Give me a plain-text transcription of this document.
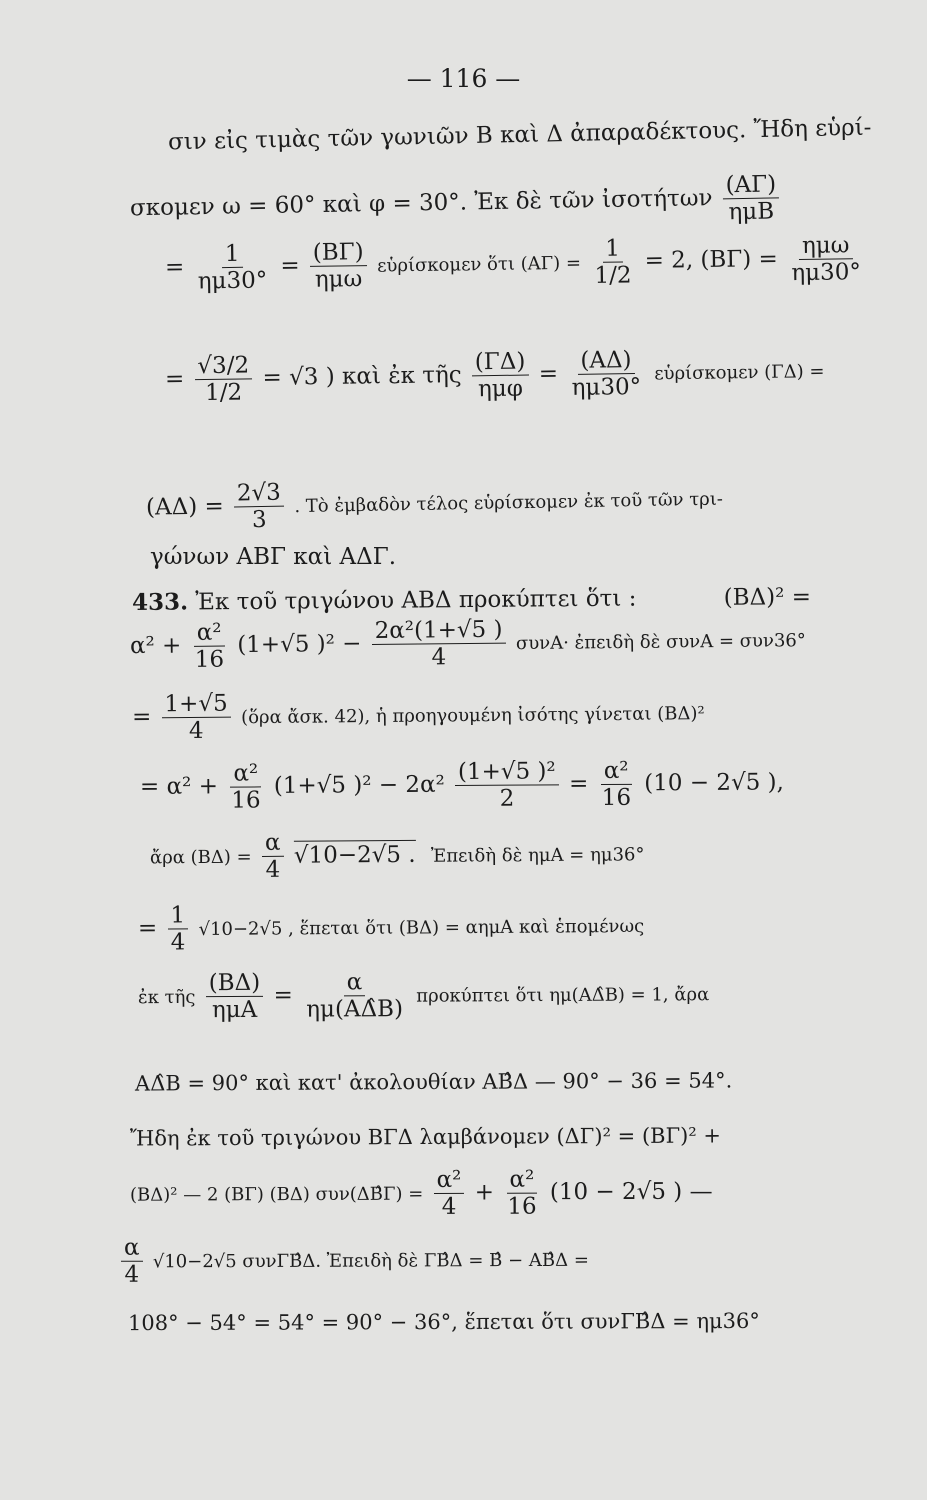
— 116 —
σιν εἰς τιμὰς τῶν γωνιῶν Β καὶ Δ ἀπαραδέκτους. Ἤδη εὑρί-
σκομεν ω = 60° καὶ φ = 30°. Ἐκ δὲ τῶν ἰσοτήτων $\frac{(A\Gamma)}{\text{ημΒ}}$
= $\frac{1}{\eta\mu 30^\circ} = \frac{(B\Gamma)}{\text{ημω}}$ εὑρίσκομεν ὅτι $(A\Gamma) = \frac{1}{1/2} = 2$, $(B\Gamma) = \frac{\text{ημω}}{\eta\mu 30^\circ}$
= $\frac{√3/2}{1/2} = √3$ ) καὶ ἐκ τῆς $\frac{(\Gamma\Delta)}{\text{ημφ}} = \frac{(A\Delta)}{\eta\mu 30^\circ}$ εὑρίσκομεν (ΓΔ) =
$(A\Delta) = \frac{2√3}{3}$ . Τὸ ἐμβαδὸν τέλος εὑρίσκομεν ἐκ τοῦ τῶν τρι-
γώνων ΑΒΓ καὶ ΑΔΓ.
433. Ἐκ τοῦ τριγώνου ΑΒΔ προκύπτει ὅτι :	(ΒΔ)² =
$\alpha^2 + \frac{\text{α²}}{16} (1+√5$ )$^2 - \frac{\text{2α²(1+√5 )}}{4} \sigma\upsilon\nu A\cdot$ ἐπειδὴ δὲ συνΑ = συν36°
= $\frac{1+√5}{4}$ (ὅρα ἄσκ. 42), ἡ προηγουμένη ἰσότης γίνεται (ΒΔ)²
= $\alpha^2 + \frac{\text{α²}}{16} (1+√5$ )$^2 - 2\alpha^2 \frac{\text{(1+√5 )²}}{2} = \frac{\text{α²}}{16} (10 - 2√5$ ),
ἄρα $(B\Delta) = \frac{\alpha}{4} √10-2√5$ . Ἐπειδὴ δὲ ημΑ = ημ36°
= $\frac{1}{4} √10-2√5$ , ἕπεται ὅτι (ΒΔ) = αημΑ καὶ ἑπομένως
ἐκ τῆς $\frac{(B\Delta)}{\text{ημΑ}} = \frac{\alpha}{\eta\mu(A\DeltâB)}$ προκύπτει ὅτι ημ(ΑΔ̂Β) = 1, ἄρα
ΑΔ̂Β = 90° καὶ κατ' ἀκολουθίαν ΑΒ̂Δ — 90° − 36 = 54°.
Ἤδη ἐκ τοῦ τριγώνου ΒΓΔ λαμβάνομεν (ΔΓ)² = (ΒΓ)² +
(ΒΔ)² — 2 (ΒΓ) (ΒΔ) συν(ΔΒ̂Γ) = $\frac{\text{α²}}{4} + \frac{\text{α²}}{16} (10 - 2√5$ ) —
$\frac{\alpha}{4} √10-2√5$ συνΓΒ̂Δ. Ἐπειδὴ δὲ ΓΒ̂Δ = Β̂ − ΑΒ̂Δ =
108° − 54° = 54° = 90° − 36°, ἕπεται ὅτι συνΓΒ̂Δ = ημ36°
